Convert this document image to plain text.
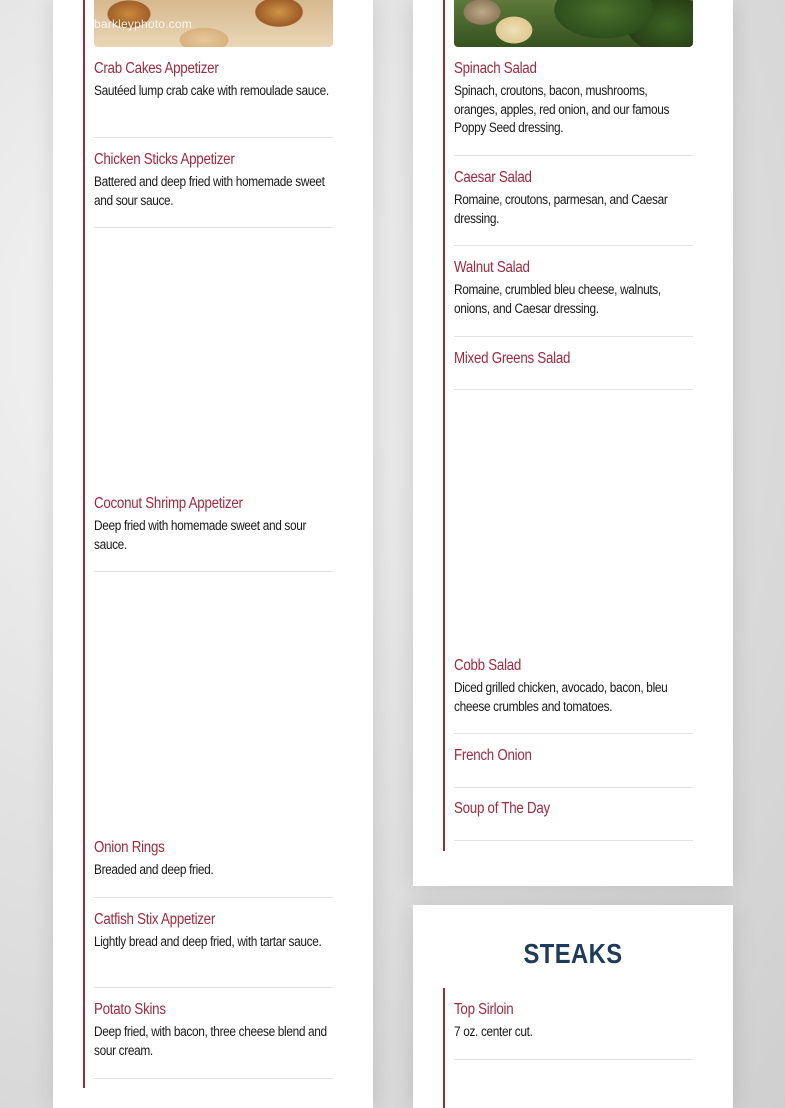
barkleyphoto.com
Crab Cakes Appetizer
Sautéed lump crab cake with remoulade sauce.
Chicken Sticks Appetizer
Battered and deep fried with homemade sweet and sour sauce.
Coconut Shrimp Appetizer
Deep fried with homemade sweet and sour sauce.
Onion Rings
Breaded and deep fried.
Catfish Stix Appetizer
Lightly bread and deep fried, with tartar sauce.
Potato Skins
Deep fried, with bacon, three cheese blend and sour cream.
Spinach Salad
Spinach, croutons, bacon, mushrooms, oranges, apples, red onion, and our famous Poppy Seed dressing.
Caesar Salad
Romaine, croutons, parmesan, and Caesar dressing.
Walnut Salad
Romaine, crumbled bleu cheese, walnuts, onions, and Caesar dressing.
Mixed Greens Salad
Cobb Salad
Diced grilled chicken, avocado, bacon, bleu cheese crumbles and tomatoes.
French Onion
Soup of The Day
STEAKS
Top Sirloin
7 oz. center cut.
